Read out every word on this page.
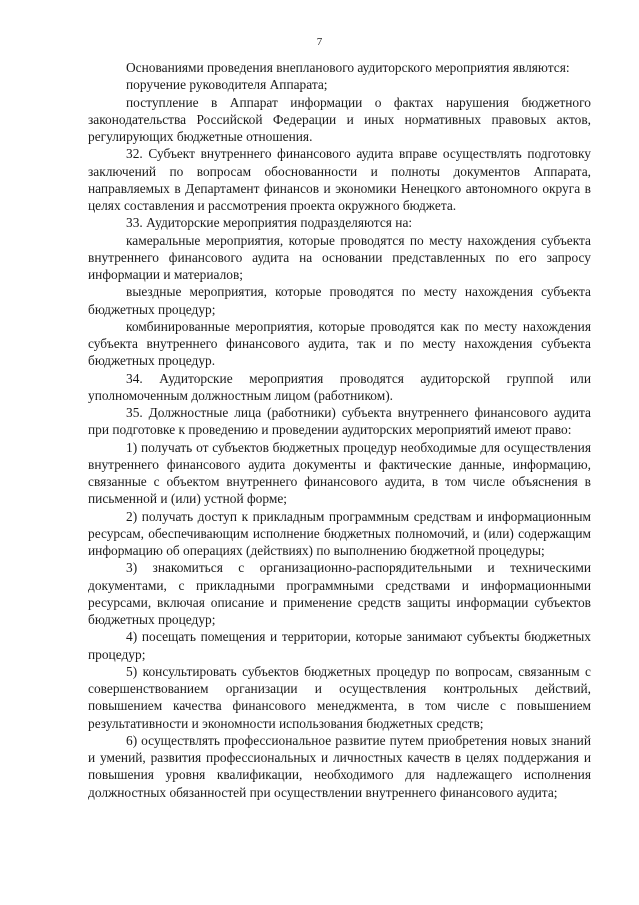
7

Основаниями проведения внепланового аудиторского мероприятия являются:

поручение руководителя Аппарата;

поступление в Аппарат информации о фактах нарушения бюджетного законодательства Российской Федерации и иных нормативных правовых актов, регулирующих бюджетные отношения.

32. Субъект внутреннего финансового аудита вправе осуществлять подготовку заключений по вопросам обоснованности и полноты документов Аппарата, направляемых в Департамент финансов и экономики Ненецкого автономного округа в целях составления и рассмотрения проекта окружного бюджета.

33. Аудиторские мероприятия подразделяются на:

камеральные мероприятия, которые проводятся по месту нахождения субъекта внутреннего финансового аудита на основании представленных по его запросу информации и материалов;

выездные мероприятия, которые проводятся по месту нахождения субъекта бюджетных процедур;

комбинированные мероприятия, которые проводятся как по месту нахождения субъекта внутреннего финансового аудита, так и по месту нахождения субъекта бюджетных процедур.

34. Аудиторские мероприятия проводятся аудиторской группой или уполномоченным должностным лицом (работником).

35. Должностные лица (работники) субъекта внутреннего финансового аудита при подготовке к проведению и проведении аудиторских мероприятий имеют право:

1) получать от субъектов бюджетных процедур необходимые для осуществления внутреннего финансового аудита документы и фактические данные, информацию, связанные с объектом внутреннего финансового аудита, в том числе объяснения в письменной и (или) устной форме;

2) получать доступ к прикладным программным средствам и информационным ресурсам, обеспечивающим исполнение бюджетных полномочий, и (или) содержащим информацию об операциях (действиях) по выполнению бюджетной процедуры;

3) знакомиться с организационно-распорядительными и техническими документами, с прикладными программными средствами и информационными ресурсами, включая описание и применение средств защиты информации субъектов бюджетных процедур;

4) посещать помещения и территории, которые занимают субъекты бюджетных процедур;

5) консультировать субъектов бюджетных процедур по вопросам, связанным с совершенствованием организации и осуществления контрольных действий, повышением качества финансового менеджмента, в том числе с повышением результативности и экономности использования бюджетных средств;

6) осуществлять профессиональное развитие путем приобретения новых знаний и умений, развития профессиональных и личностных качеств в целях поддержания и повышения уровня квалификации, необходимого для надлежащего исполнения должностных обязанностей при осуществлении внутреннего финансового аудита;
